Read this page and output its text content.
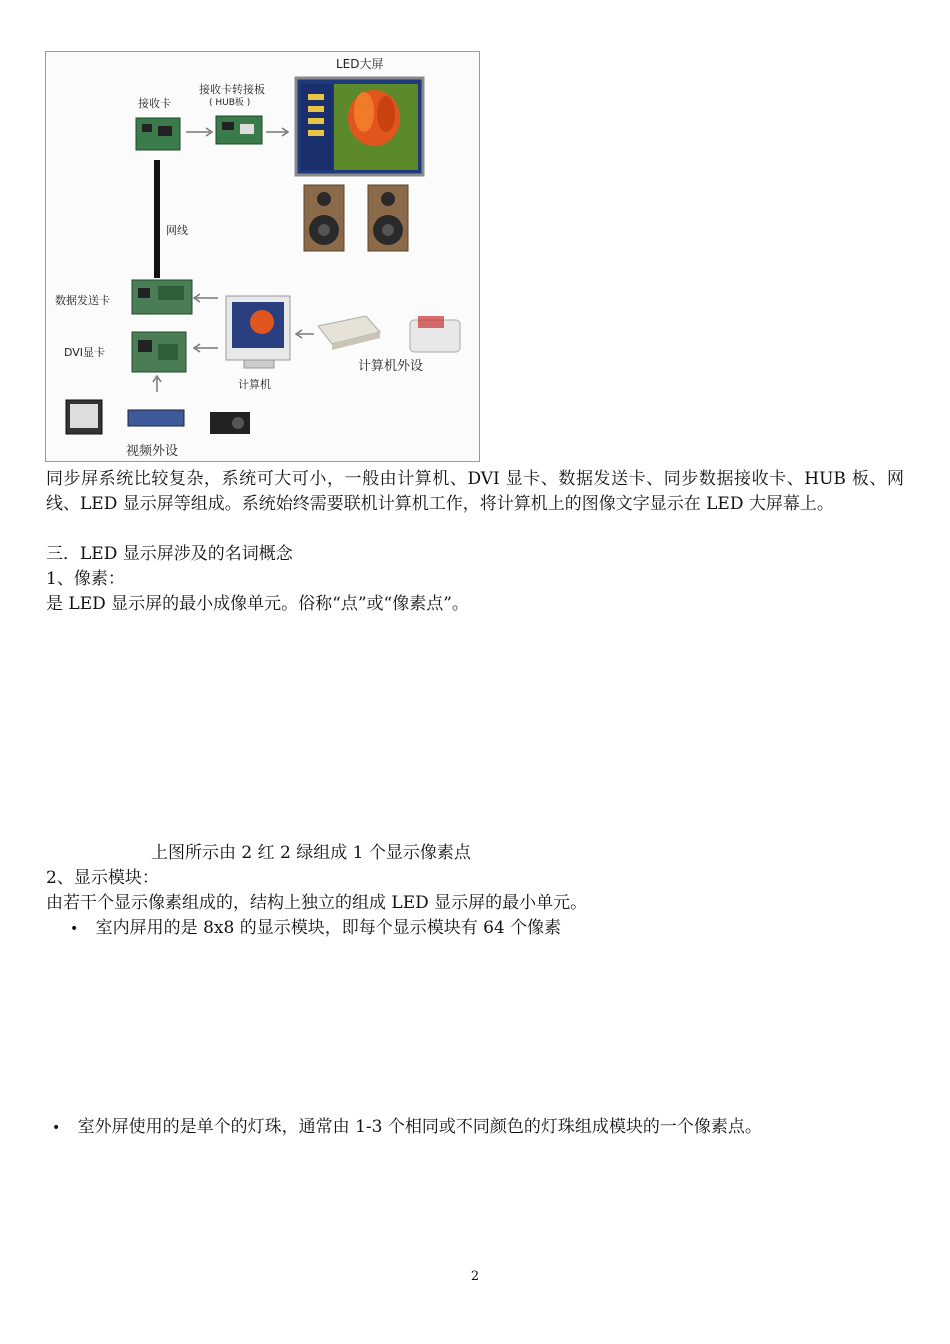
LED大屏
接收卡
接收卡转接板
( HUB板 )
网线
数据发送卡
DVI显卡
计算机
计算机外设
视频外设
同步屏系统比较复杂，系统可大可小，一般由计算机、DVI 显卡、数据发送卡、同步数据接收卡、HUB 板、网线、LED 显示屏等组成。系统始终需要联机计算机工作，将计算机上的图像文字显示在 LED 大屏幕上。
三．LED 显示屏涉及的名词概念
1、像素：
是 LED 显示屏的最小成像单元。俗称“点”或“像素点”。
上图所示由 2 红 2 绿组成 1 个显示像素点
2、显示模块：
由若干个显示像素组成的，结构上独立的组成 LED 显示屏的最小单元。
• 室内屏用的是 8x8 的显示模块，即每个显示模块有 64 个像素
• 室外屏使用的是单个的灯珠，通常由 1-3 个相同或不同颜色的灯珠组成模块的一个像素点。
2
